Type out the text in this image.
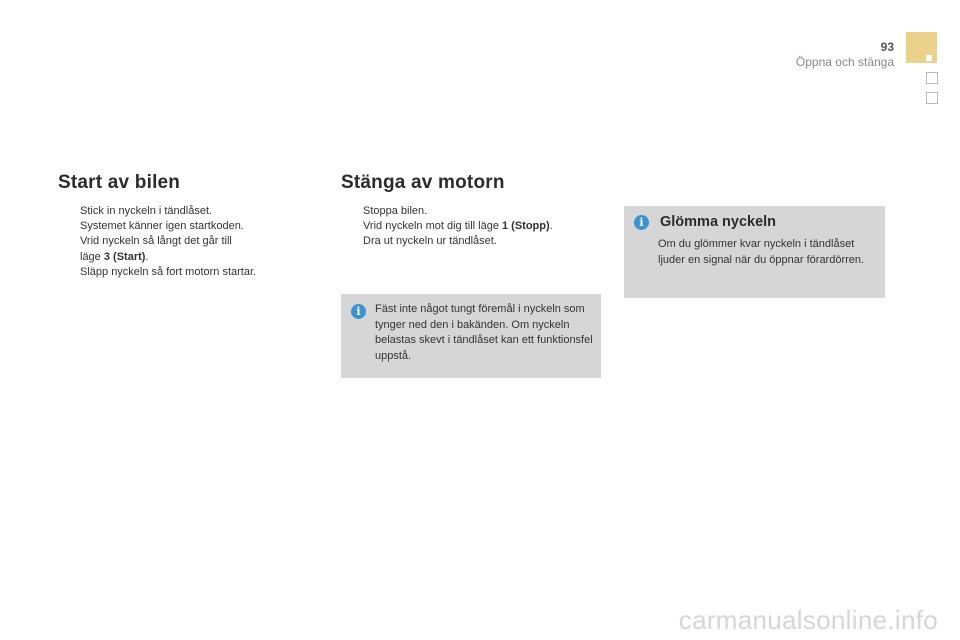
93
Öppna och stänga
Start av bilen
Stick in nyckeln i tändlåset.
Systemet känner igen startkoden.
Vrid nyckeln så långt det går till
läge 3 (Start).
Släpp nyckeln så fort motorn startar.
Stänga av motorn
Stoppa bilen.
Vrid nyckeln mot dig till läge 1 (Stopp).
Dra ut nyckeln ur tändlåset.
i	Fäst inte något tungt föremål i nyckeln som tynger ned den i bakänden. Om nyckeln belastas skevt i tändlåset kan ett funktionsfel uppstå.
i	Glömma nyckeln
Om du glömmer kvar nyckeln i tändlåset ljuder en signal när du öppnar förardörren.
carmanualsonline.info
